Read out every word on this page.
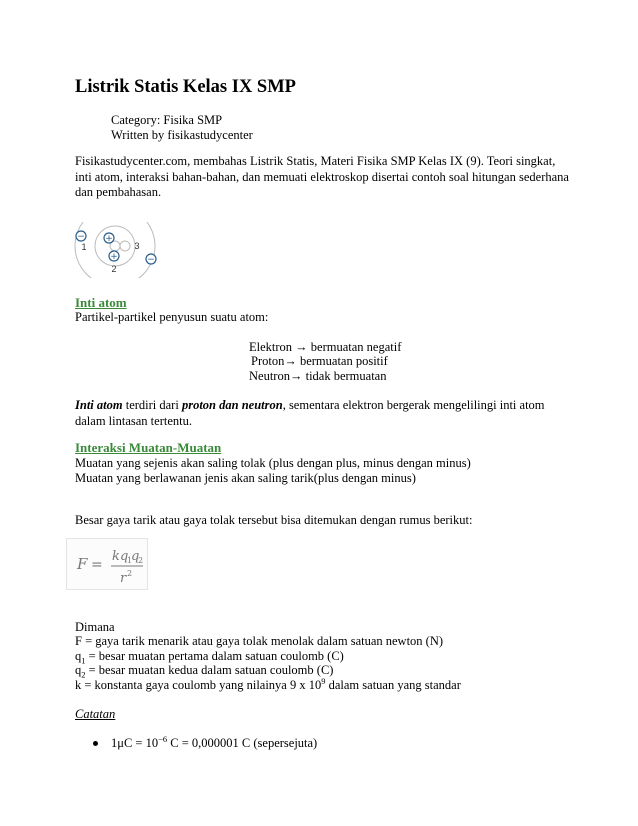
Listrik Statis Kelas IX SMP
Category: Fisika SMP
Written by fisikastudycenter
Fisikastudycenter.com, membahas Listrik Statis, Materi Fisika SMP Kelas IX (9). Teori singkat, inti atom, interaksi bahan-bahan, dan memuati elektroskop disertai contoh soal hitungan sederhana dan pembahasan.
−
−
+
+
1
2
3
Inti atom
Partikel-partikel penyusun suatu atom:
Elektron → bermuatan negatif
Proton→ bermuatan positif
Neutron→ tidak bermuatan
Inti atom terdiri dari proton dan neutron, sementara elektron bergerak mengelilingi inti atom dalam lintasan tertentu.
Interaksi Muatan-Muatan
Muatan yang sejenis akan saling tolak (plus dengan plus, minus dengan minus)
Muatan yang berlawanan jenis akan saling tarik(plus dengan minus)
Besar gaya tarik atau gaya tolak tersebut bisa ditemukan dengan rumus berikut:
F =
k q
1
q
2
r 2
Dimana
F = gaya tarik menarik atau gaya tolak menolak dalam satuan newton (N)
$q_1$ = besar muatan pertama dalam satuan coulomb (C)
$q_2$ = besar muatan kedua dalam satuan coulomb (C)
k = konstanta gaya coulomb yang nilainya 9 x $10^9$ dalam satuan yang standar
Catatan
$1\mu C = 10^{-6}$ C = 0,000001 C (sepersejuta)
